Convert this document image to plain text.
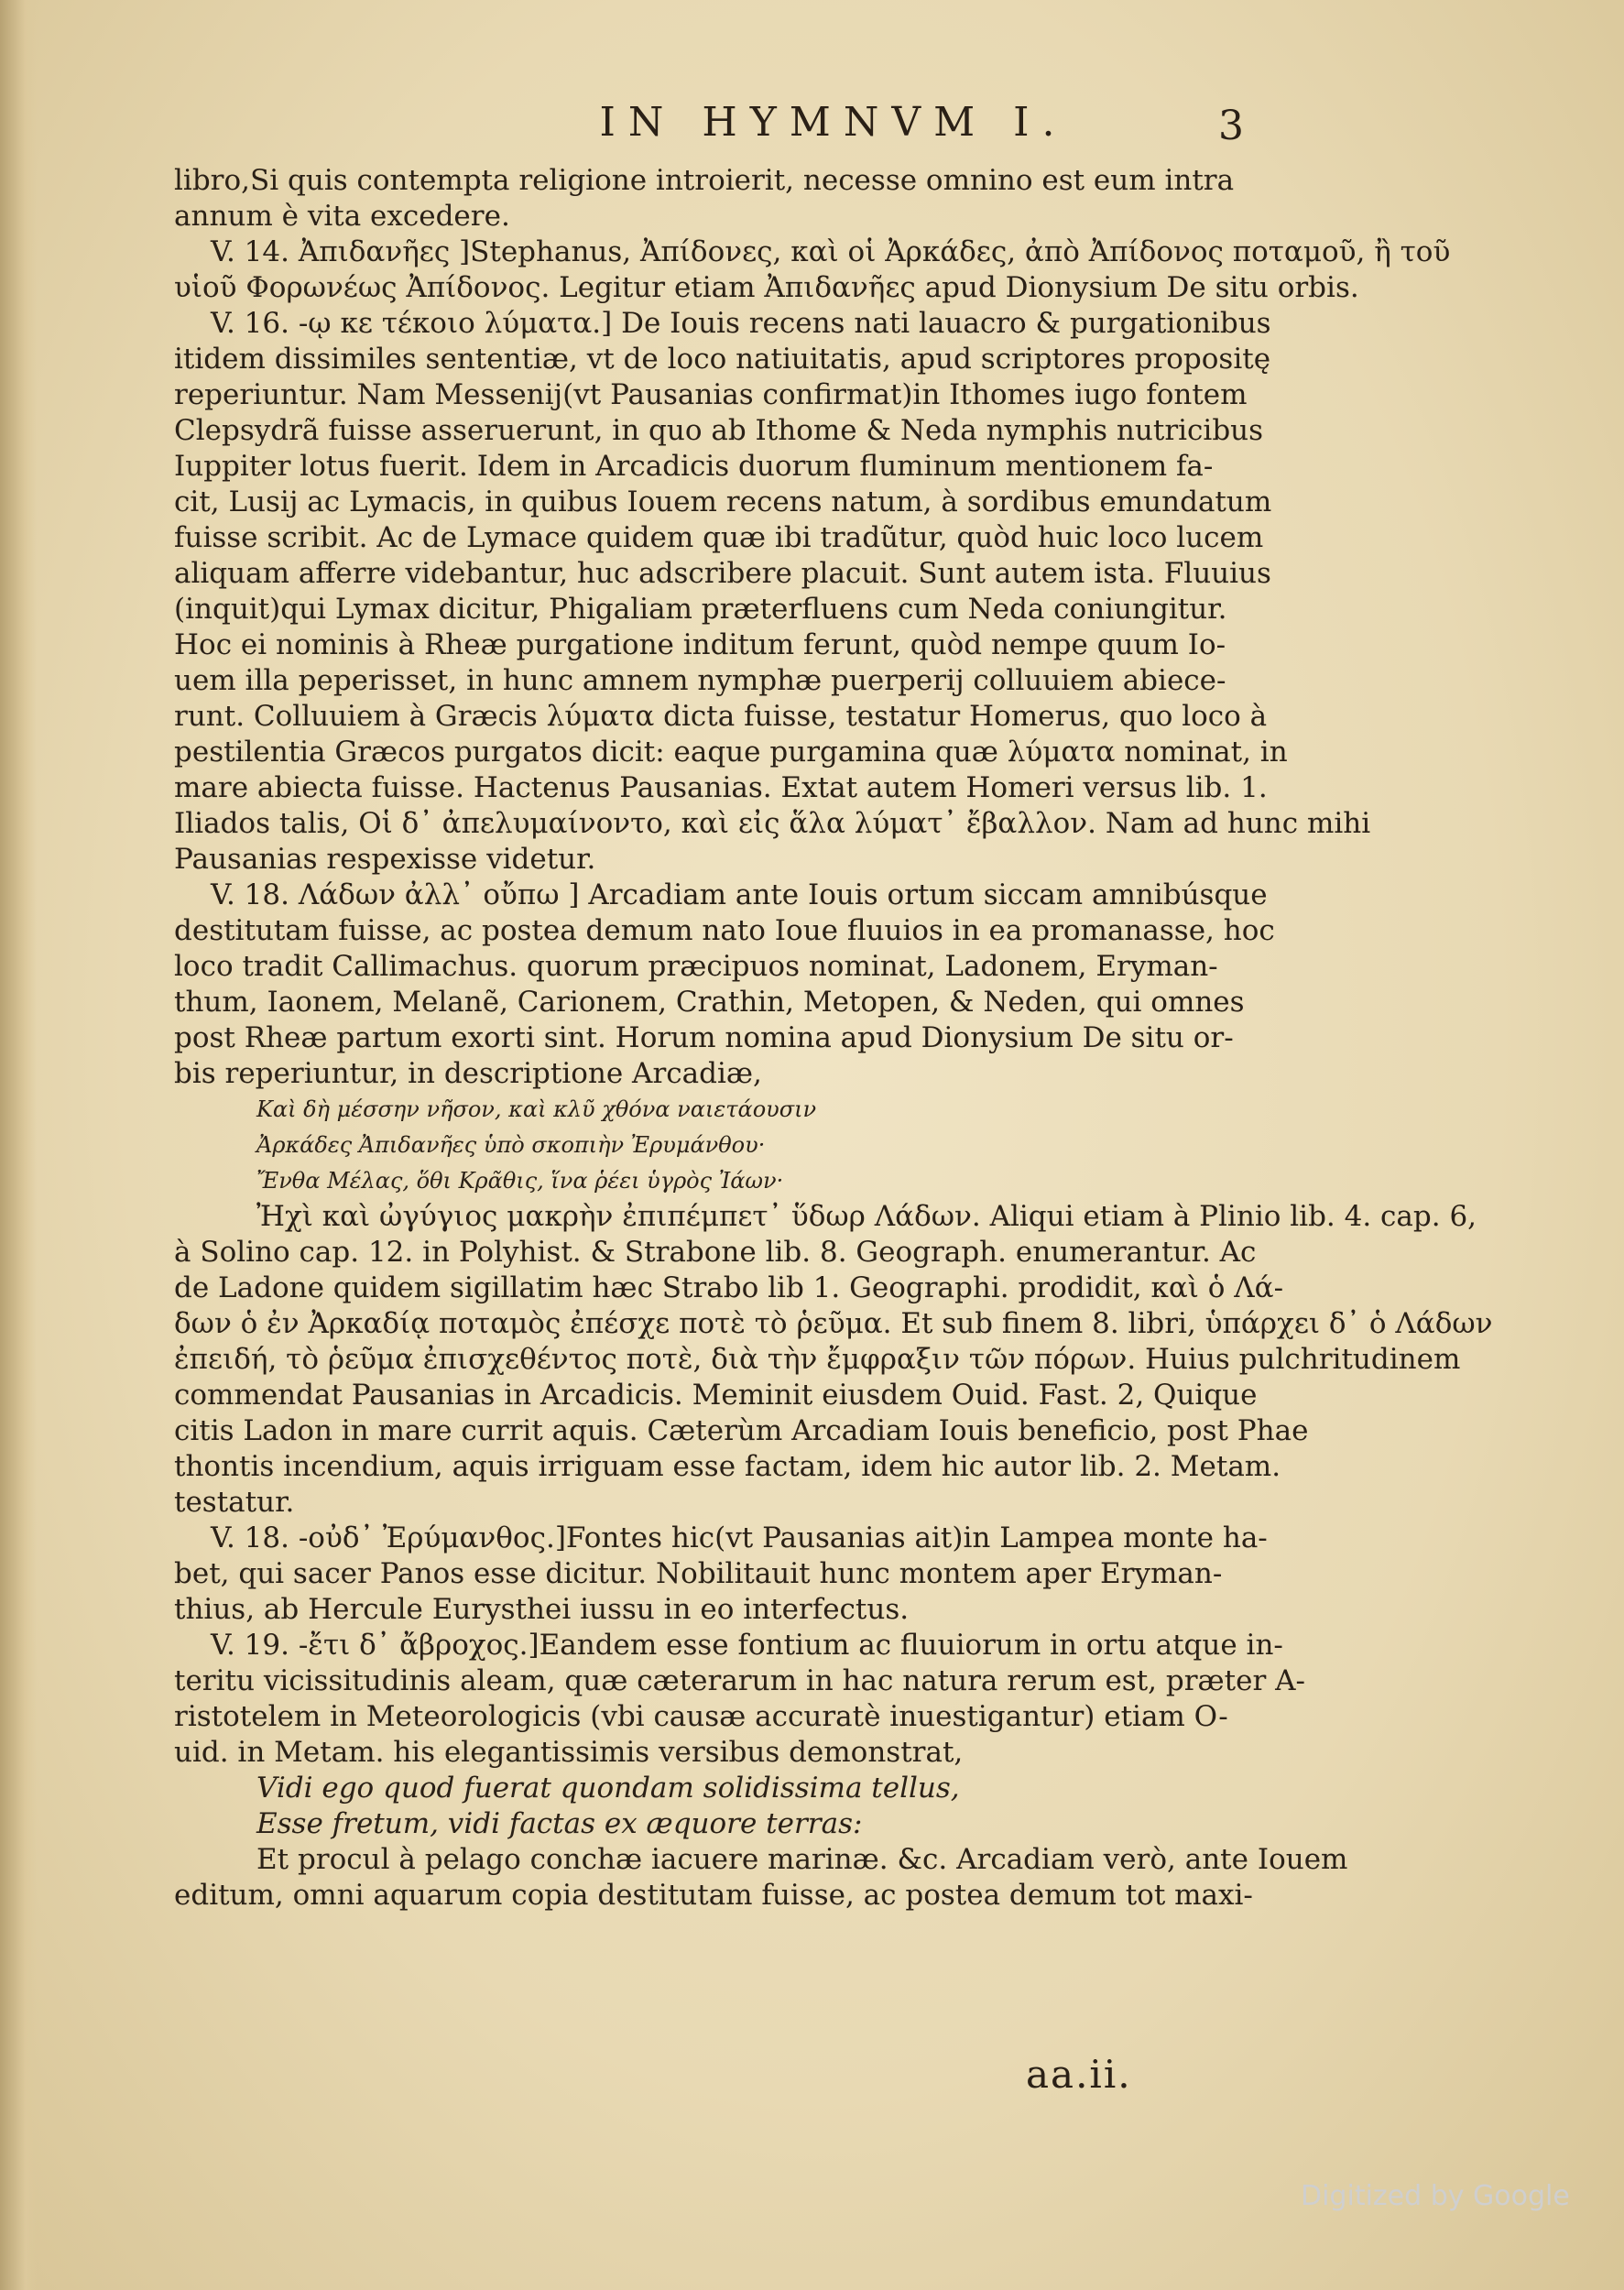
IN HYMNVM I.	3
libro,Si quis contempta religione introierit, necesse omnino est eum intra
annum è vita excedere.
V. 14. Ἀπιδανῆες ]Stephanus, Ἀπίδονες, καὶ οἱ Ἀρκάδες, ἀπὸ Ἀπίδονος ποταμοῦ, ἢ τοῦ
υἱοῦ Φορωνέως Ἀπίδονος. Legitur etiam Ἀπιδανῆες apud Dionysium De situ orbis.
V. 16. -ῳ κε τέκοιο λύματα.] De Iouis recens nati lauacro & purgationibus
itidem dissimiles sententiæ, vt de loco natiuitatis, apud scriptores propositę
reperiuntur. Nam Messenij(vt Pausanias confirmat)in Ithomes iugo fontem
Clepsydrã fuisse asseruerunt, in quo ab Ithome & Neda nymphis nutricibus
Iuppiter lotus fuerit. Idem in Arcadicis duorum fluminum mentionem fa-
cit, Lusij ac Lymacis, in quibus Iouem recens natum, à sordibus emundatum
fuisse scribit. Ac de Lymace quidem quæ ibi tradũtur, quòd huic loco lucem
aliquam afferre videbantur, huc adscribere placuit. Sunt autem ista. Fluuius
(inquit)qui Lymax dicitur, Phigaliam præterfluens cum Neda coniungitur.
Hoc ei nominis à Rheæ purgatione inditum ferunt, quòd nempe quum Io-
uem illa peperisset, in hunc amnem nymphæ puerperij colluuiem abiece-
runt. Colluuiem à Græcis λύματα dicta fuisse, testatur Homerus, quo loco à
pestilentia Græcos purgatos dicit: eaque purgamina quæ λύματα nominat, in
mare abiecta fuisse. Hactenus Pausanias. Extat autem Homeri versus lib. 1.
Iliados talis, Οἱ δ᾽ ἀπελυμαίνοντο, καὶ εἰς ἅλα λύματ᾽ ἔβαλλον. Nam ad hunc mihi
Pausanias respexisse videtur.
V. 18. Λάδων ἀλλ᾽ οὔπω ] Arcadiam ante Iouis ortum siccam amnibúsque
destitutam fuisse, ac postea demum nato Ioue fluuios in ea promanasse, hoc
loco tradit Callimachus. quorum præcipuos nominat, Ladonem, Eryman-
thum, Iaonem, Melanẽ, Carionem, Crathin, Metopen, & Neden, qui omnes
post Rheæ partum exorti sint. Horum nomina apud Dionysium De situ or-
bis reperiuntur, in descriptione Arcadiæ,
Καὶ δὴ μέσσην νῆσον, καὶ κλῦ χθόνα ναιετάουσιν
Ἀρκάδες Ἀπιδανῆες ὑπὸ σκοπιὴν Ἐρυμάνθου·
Ἔνθα Μέλας, ὅθι Κρᾶθις, ἵνα ῥέει ὑγρὸς Ἰάων·
Ἠχὶ καὶ ὠγύγιος μακρὴν ἐπιπέμπετ᾽ ὕδωρ Λάδων. Aliqui etiam à Plinio lib. 4. cap. 6,
à Solino cap. 12. in Polyhist. & Strabone lib. 8. Geograph. enumerantur. Ac
de Ladone quidem sigillatim hæc Strabo lib 1. Geographi. prodidit, καὶ ὁ Λά-
δων ὁ ἐν Ἀρκαδίᾳ ποταμὸς ἐπέσχε ποτὲ τὸ ῥεῦμα. Et sub finem 8. libri, ὑπάρχει δ᾽ ὁ Λάδων
ἐπειδή, τὸ ῥεῦμα ἐπισχεθέντος ποτὲ, διὰ τὴν ἔμφραξιν τῶν πόρων. Huius pulchritudinem
commendat Pausanias in Arcadicis. Meminit eiusdem Ouid. Fast. 2, Quique
citis Ladon in mare currit aquis. Cæterùm Arcadiam Iouis beneficio, post Phae
thontis incendium, aquis irriguam esse factam, idem hic autor lib. 2. Metam.
testatur.
V. 18. -οὐδ᾽ Ἐρύμανθος.]Fontes hic(vt Pausanias ait)in Lampea monte ha-
bet, qui sacer Panos esse dicitur. Nobilitauit hunc montem aper Eryman-
thius, ab Hercule Eurysthei iussu in eo interfectus.
V. 19. -ἔτι δ᾽ ἄβροχος.]Eandem esse fontium ac fluuiorum in ortu atque in-
teritu vicissitudinis aleam, quæ cæterarum in hac natura rerum est, præter A-
ristotelem in Meteorologicis (vbi causæ accuratè inuestigantur) etiam O-
uid. in Metam. his elegantissimis versibus demonstrat,
Vidi ego quod fuerat quondam solidissima tellus,
Esse fretum, vidi factas ex æquore terras:
Et procul à pelago conchæ iacuere marinæ. &c. Arcadiam verò, ante Iouem
editum, omni aquarum copia destitutam fuisse, ac postea demum tot maxi-
aa.ii.
Digitized by Google
